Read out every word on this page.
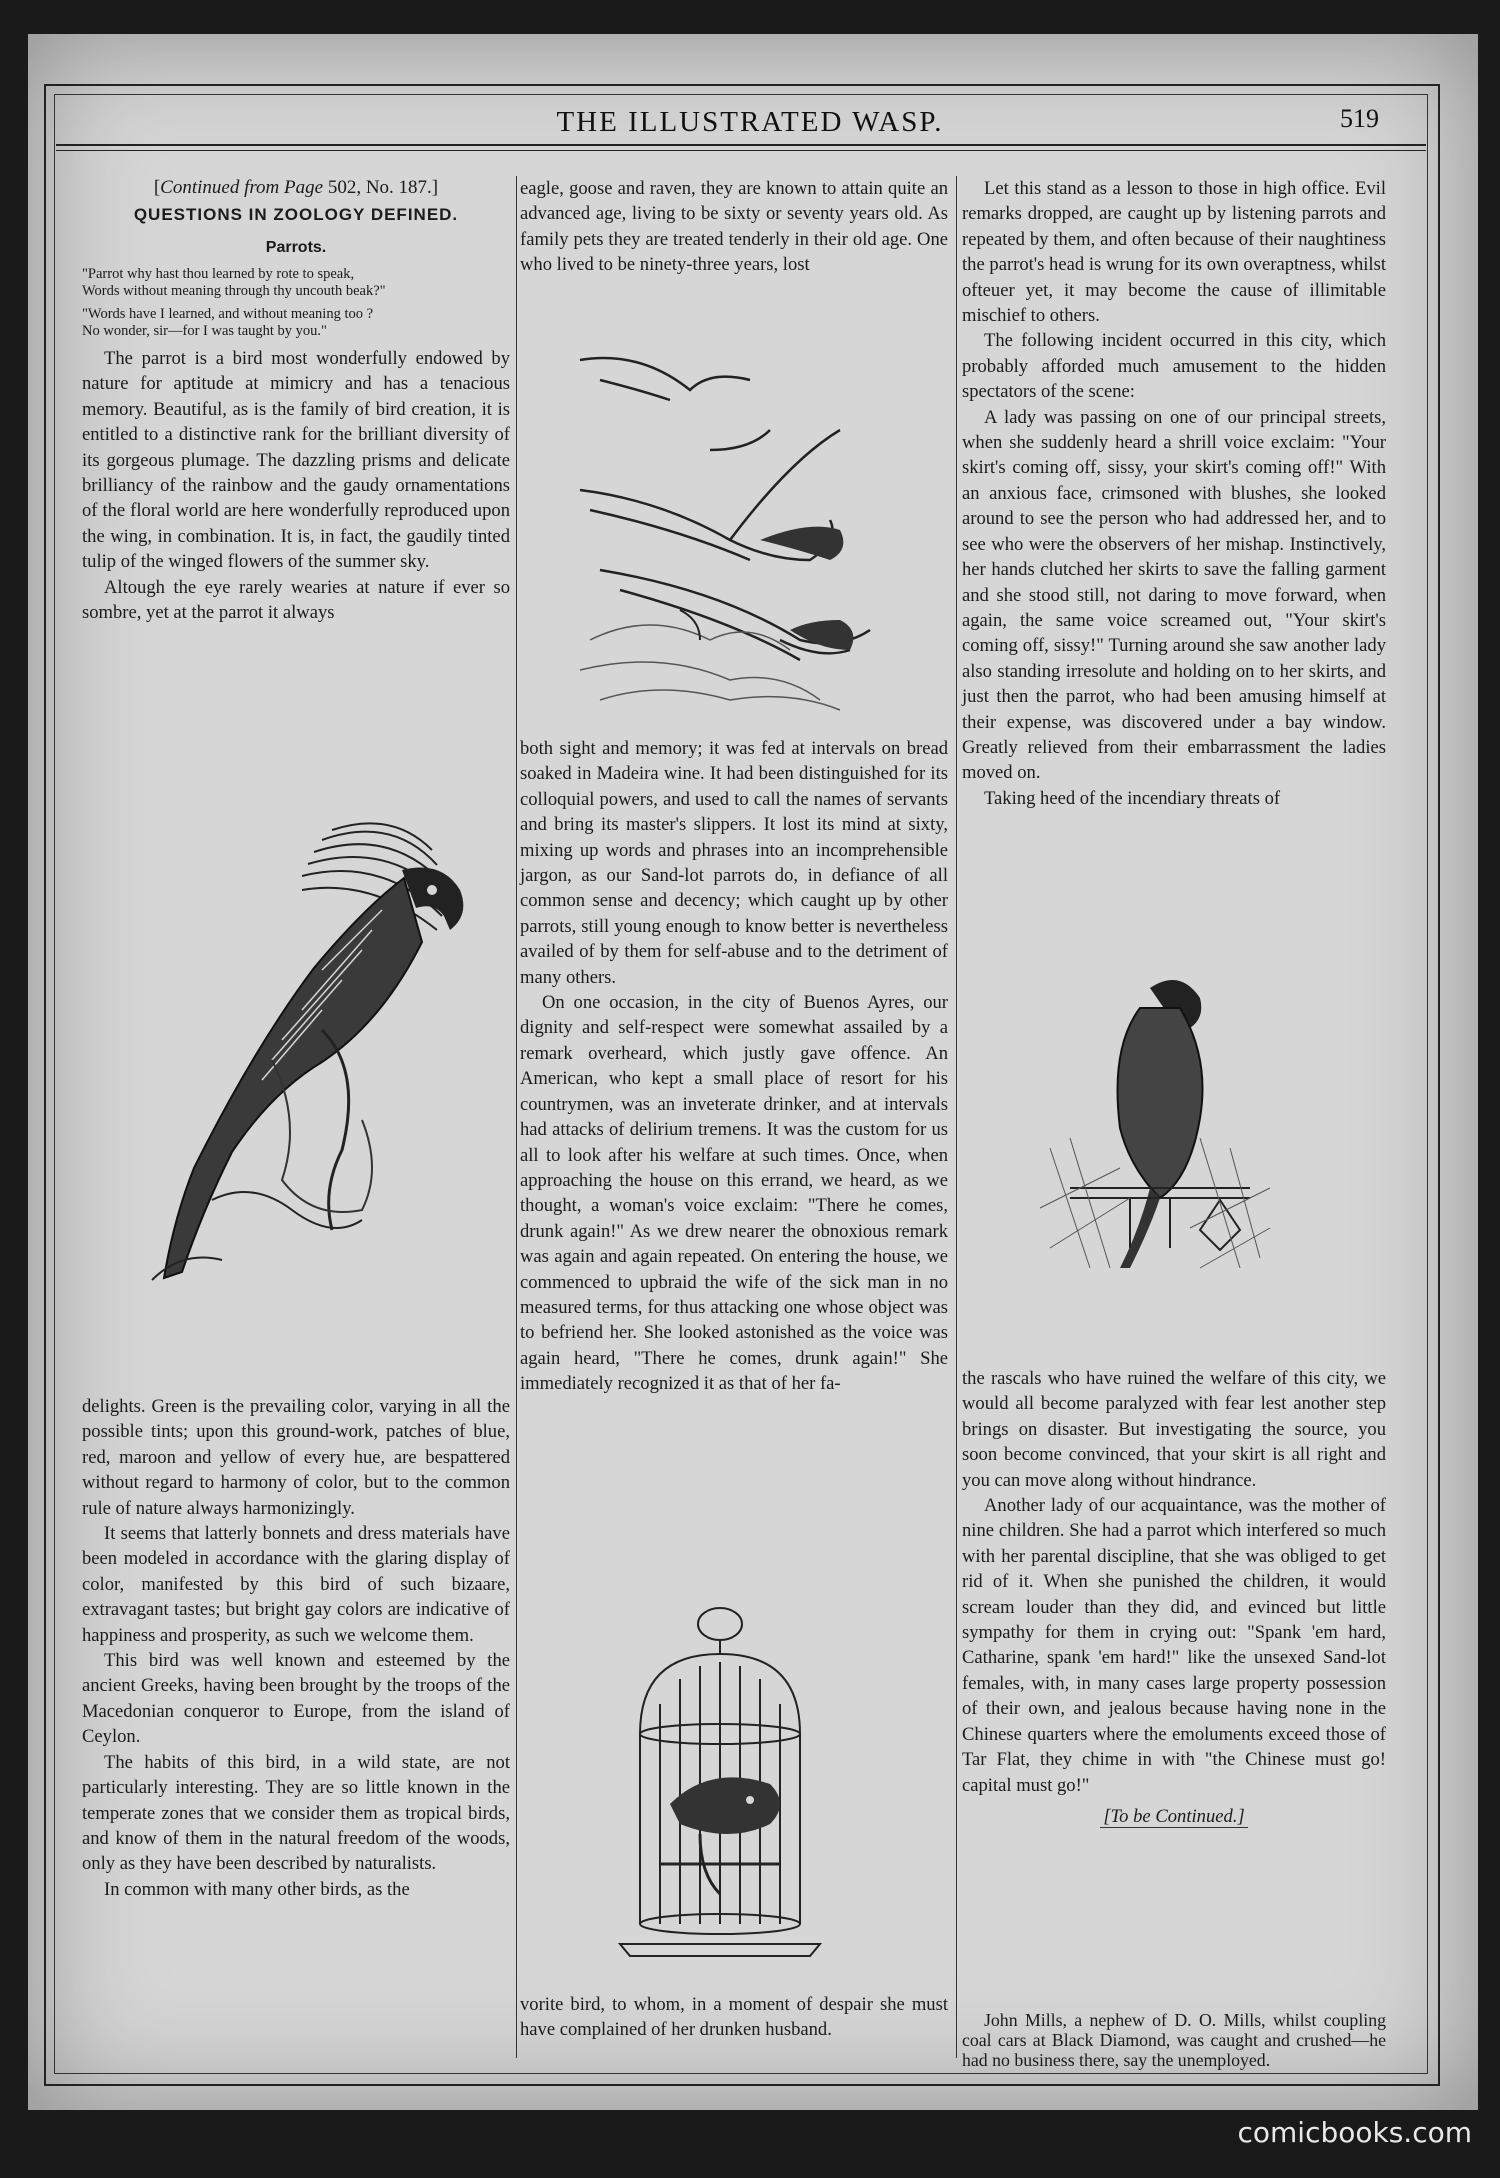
THE ILLUSTRATED WASP.	519
[Continued from Page 502, No. 187.]
QUESTIONS IN ZOOLOGY DEFINED.
Parrots.
"Parrot why hast thou learned by rote to speak,
Words without meaning through thy uncouth beak?"
"Words have I learned, and without meaning too ?
No wonder, sir—for I was taught by you."

The parrot is a bird most wonderfully endowed by nature for aptitude at mimicry and has a tenacious memory. Beautiful, as is the family of bird creation, it is entitled to a distinctive rank for the brilliant diversity of its gorgeous plumage. The dazzling prisms and delicate brilliancy of the rainbow and the gaudy ornamentations of the floral world are here wonderfully reproduced upon the wing, in combination. It is, in fact, the gaudily tinted tulip of the winged flowers of the summer sky.

Altough the eye rarely wearies at nature if ever so sombre, yet at the parrot it always

delights. Green is the prevailing color, varying in all the possible tints; upon this ground-work, patches of blue, red, maroon and yellow of every hue, are bespattered without regard to harmony of color, but to the common rule of nature always harmonizingly.

It seems that latterly bonnets and dress materials have been modeled in accordance with the glaring display of color, manifested by this bird of such bizaare, extravagant tastes; but bright gay colors are indicative of happiness and prosperity, as such we welcome them.

This bird was well known and esteemed by the ancient Greeks, having been brought by the troops of the Macedonian conqueror to Europe, from the island of Ceylon.

The habits of this bird, in a wild state, are not particularly interesting. They are so little known in the temperate zones that we consider them as tropical birds, and know of them in the natural freedom of the woods, only as they have been described by naturalists.

In common with many other birds, as the

eagle, goose and raven, they are known to attain quite an advanced age, living to be sixty or seventy years old. As family pets they are treated tenderly in their old age. One who lived to be ninety-three years, lost

both sight and memory; it was fed at intervals on bread soaked in Madeira wine. It had been distinguished for its colloquial powers, and used to call the names of servants and bring its master's slippers. It lost its mind at sixty, mixing up words and phrases into an incomprehensible jargon, as our Sand-lot parrots do, in defiance of all common sense and decency; which caught up by other parrots, still young enough to know better is nevertheless availed of by them for self-abuse and to the detriment of many others.

On one occasion, in the city of Buenos Ayres, our dignity and self-respect were somewhat assailed by a remark overheard, which justly gave offence. An American, who kept a small place of resort for his countrymen, was an inveterate drinker, and at intervals had attacks of delirium tremens. It was the custom for us all to look after his welfare at such times. Once, when approaching the house on this errand, we heard, as we thought, a woman's voice exclaim: "There he comes, drunk again!" As we drew nearer the obnoxious remark was again and again repeated. On entering the house, we commenced to upbraid the wife of the sick man in no measured terms, for thus attacking one whose object was to befriend her. She looked astonished as the voice was again heard, "There he comes, drunk again!" She immediately recognized it as that of her fa-

vorite bird, to whom, in a moment of despair she must have complained of her drunken husband.

Let this stand as a lesson to those in high office. Evil remarks dropped, are caught up by listening parrots and repeated by them, and often because of their naughtiness the parrot's head is wrung for its own overaptness, whilst ofteuer yet, it may become the cause of illimitable mischief to others.

The following incident occurred in this city, which probably afforded much amusement to the hidden spectators of the scene:

A lady was passing on one of our principal streets, when she suddenly heard a shrill voice exclaim: "Your skirt's coming off, sissy, your skirt's coming off!" With an anxious face, crimsoned with blushes, she looked around to see the person who had addressed her, and to see who were the observers of her mishap. Instinctively, her hands clutched her skirts to save the falling garment and she stood still, not daring to move forward, when again, the same voice screamed out, "Your skirt's coming off, sissy!" Turning around she saw another lady also standing irresolute and holding on to her skirts, and just then the parrot, who had been amusing himself at their expense, was discovered under a bay window. Greatly relieved from their embarrassment the ladies moved on.

Taking heed of the incendiary threats of

the rascals who have ruined the welfare of this city, we would all become paralyzed with fear lest another step brings on disaster. But investigating the source, you soon become convinced, that your skirt is all right and you can move along without hindrance.

Another lady of our acquaintance, was the mother of nine children. She had a parrot which interfered so much with her parental discipline, that she was obliged to get rid of it. When she punished the children, it would scream louder than they did, and evinced but little sympathy for them in crying out: "Spank 'em hard, Catharine, spank 'em hard!" like the unsexed Sand-lot females, with, in many cases large property possession of their own, and jealous because having none in the Chinese quarters where the emoluments exceed those of Tar Flat, they chime in with "the Chinese must go! capital must go!"

[To be Continued.]

John Mills, a nephew of D. O. Mills, whilst coupling coal cars at Black Diamond, was caught and crushed—he had no business there, say the unemployed.

comicbooks.com
